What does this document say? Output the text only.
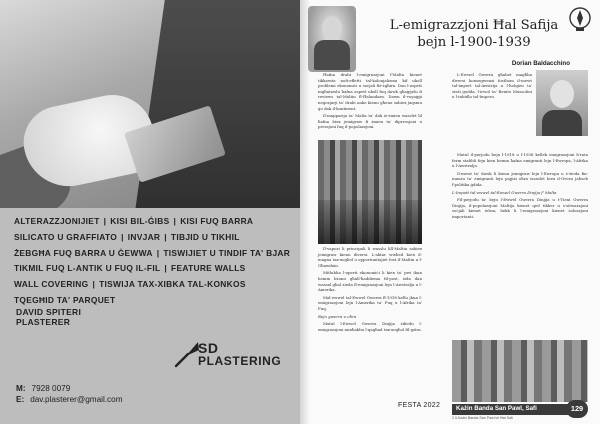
ALTERAZZJONIJIET | KISI BIL-ĠIBS | KISI FUQ BARRA
SILICATO U GRAFFIATO | INVJAR | TIBJID U TIKHIL
ŻEBGĦA FUQ BARRA U ĠEWWA | TISWIJIET U TINDIF TA' BJAR
TIKMIL FUQ L-ANTIK U FUQ IL-FIL | FEATURE WALLS
WALL COVERING | TISWIJA TAX-XIBKA TAL-KONKOS
TQEGĦID TA' PARQUET
DAVID SPITERI
PLASTERER
SD
PLASTERING
M: 7928 0079
E: dav.plasterer@gmail.com
L-emigrazzjoni Ħal Safija
bejn l-1900-1939
Dorian Baldacchino

Ħafna drabi l-emigrazzjoni f'Malta kienet tikkawża nofi-effetti tal-kolonjalizmu kif ukoll problemi ekonomiċi u soċjali fiż-żgħira. Dan l-aspett ingħatawlu ħafna aspett ukoll fuq dawk għaġġelu fi reviews tal-Maltin fl-Ħalandarn. Dawn il-voyaġġi negozjarji ta' drabi anke kienu għenu sabiex jaqsmu ġo dak il-kontinent.

Il-mapparija ta' Malta ta' dak iż-żmien wasslet lil ħafna biex jemigraw fi żmien ta' dipressjoni u pressjoni fuq il-popolazzjoni.

L-Ewwel Gwerra għabet magħha diversi konsegwenzi fosthom il-mewt tal-impert tal-Awstrija u l-ħolqien ta' stati ġodda, l-irwol ta' Benito Mussolini u l-inbidla tal-Imperu.

Il-vapuri li principali li wasslu lill-Maltin sabiex jemigraw kienu diversi. L-aktar wieħed kien il-magna tax-xogħol u opportunitajiet fost il-Maltin u l-Għawdxin.

Mitlubha l-uperti ekonomiċi li kien ta' pwi ikun hemm bżonn għall-ħaddiema fil-post, iżda dan wassal għal żieda fl-emigrazzjoni lejn l-Awstralja u l-Amerika.

Mal-ewwel tal-Ewwel Gwerra fl-1918 kellu jkun l-emigrazzjoni lejn l-Amerika ta' Fuq u l-Afrika ta' Fuq.

Bejn gwerra u oħra

Matul l-Ewwel Gwerra Dinjija żdiedu l-emigrazzjoni minħabba l-qagħad tax-xogħol fil-gżira.

Matul il-perjodu bejn l-1918 u l-1938 kellek emigrazzjoni b'rata ferm stabbli fejn kien hemm ħafna emigranti lejn l-Ewropa, l-Afrika u l-Awstralja.

Il-mewt ta' dawk li kienu jemigraw lejn l-Ewropa u ż-żieda fin-numru ta' emigranti lejn pajjiżi oħra wasslet biex il-Gvern jaħseb f'politika ġdida.

L-Impatt tal-ewwel tal-Ewwel Gwerra Dinjija f' Malta

Fil-perjodu ta' bejn l-Ewwel Gwerra Dinjija u t-Tieni Gwerra Dinjija, il-popolazzjoni Maltija kienet qed tikber u s-sitwazzjoni soċjali kienet iebsa, hekk li l-emigrazzjoni kienet soluzzjoni importanti.

FESTA 2022	Każin Banda San Pawl, Safi
2 Il-Każin Banda San Pawl ta' Ħal Safi
129
